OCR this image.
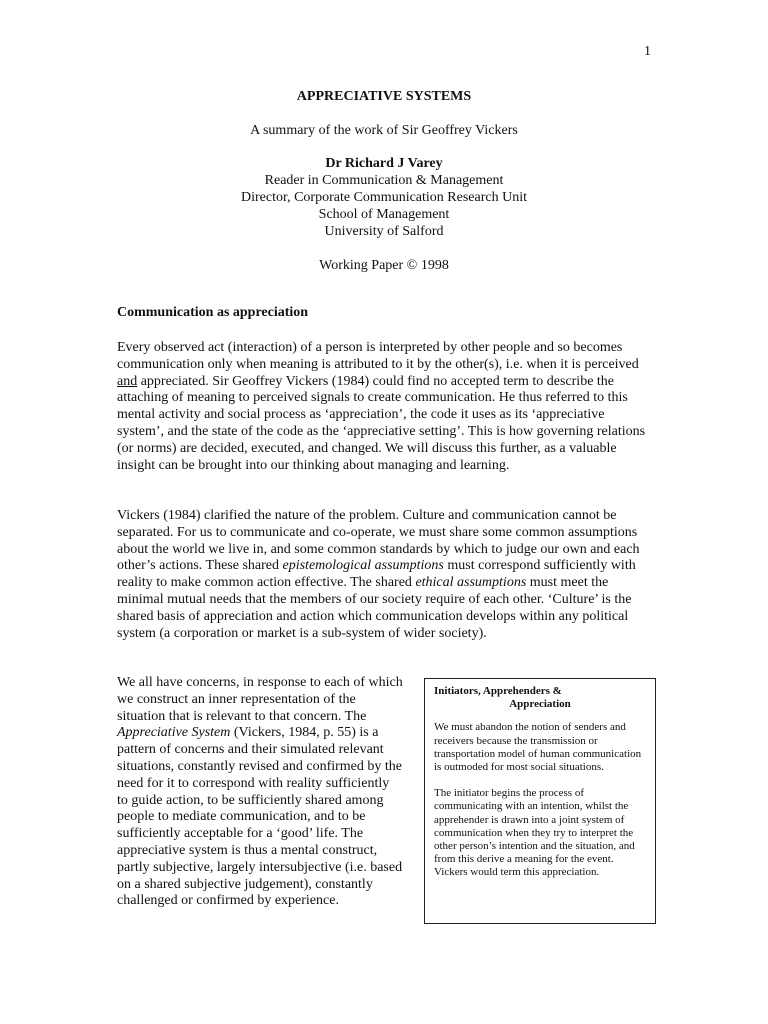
1
APPRECIATIVE SYSTEMS
A summary of the work of Sir Geoffrey Vickers
Dr Richard J Varey
Reader in Communication & Management
Director, Corporate Communication Research Unit
School of Management
University of Salford
Working Paper © 1998
Communication as appreciation

Every observed act (interaction) of a person is interpreted by other people and so becomes communication only when meaning is attributed to it by the other(s), i.e. when it is perceived and appreciated. Sir Geoffrey Vickers (1984) could find no accepted term to describe the attaching of meaning to perceived signals to create communication. He thus referred to this mental activity and social process as ‘appreciation’, the code it uses as its ‘appreciative system’, and the state of the code as the ‘appreciative setting’. This is how governing relations (or norms) are decided, executed, and changed. We will discuss this further, as a valuable insight can be brought into our thinking about managing and learning.

Vickers (1984) clarified the nature of the problem. Culture and communication cannot be separated. For us to communicate and co-operate, we must share some common assumptions about the world we live in, and some common standards by which to judge our own and each other’s actions. These shared epistemological assumptions must correspond sufficiently with reality to make common action effective. The shared ethical assumptions must meet the minimal mutual needs that the members of our society require of each other. ‘Culture’ is the shared basis of appreciation and action which communication develops within any political system (a corporation or market is a sub-system of wider society).

We all have concerns, in response to each of which we construct an inner representation of the situation that is relevant to that concern. The Appreciative System (Vickers, 1984, p. 55) is a pattern of concerns and their simulated relevant situations, constantly revised and confirmed by the need for it to correspond with reality sufficiently to guide action, to be sufficiently shared among people to mediate communication, and to be sufficiently acceptable for a ‘good’ life. The appreciative system is thus a mental construct, partly subjective, largely intersubjective (i.e. based on a shared subjective judgement), constantly challenged or confirmed by experience.

Initiators, Apprehenders &
Appreciation

We must abandon the notion of senders and receivers because the transmission or transportation model of human communication is outmoded for most social situations.

The initiator begins the process of communicating with an intention, whilst the apprehender is drawn into a joint system of communication when they try to interpret the other person’s intention and the situation, and from this derive a meaning for the event. Vickers would term this appreciation.
